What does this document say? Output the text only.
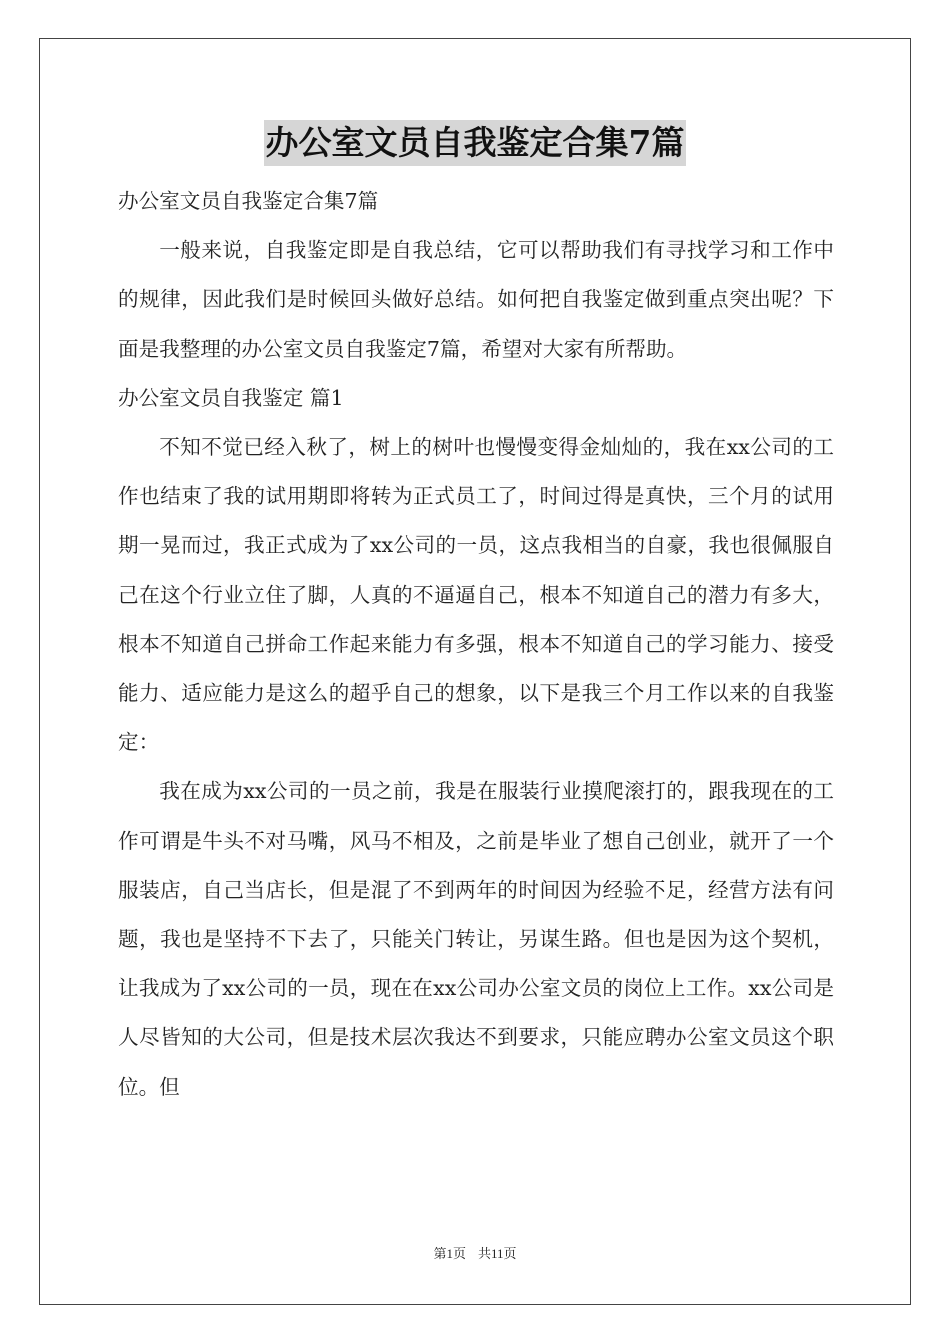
办公室文员自我鉴定合集7篇

办公室文员自我鉴定合集7篇

一般来说，自我鉴定即是自我总结，它可以帮助我们有寻找学习和工作中的规律，因此我们是时候回头做好总结。如何把自我鉴定做到重点突出呢？下面是我整理的办公室文员自我鉴定7篇，希望对大家有所帮助。

办公室文员自我鉴定 篇1

不知不觉已经入秋了，树上的树叶也慢慢变得金灿灿的，我在xx公司的工作也结束了我的试用期即将转为正式员工了，时间过得是真快，三个月的试用期一晃而过，我正式成为了xx公司的一员，这点我相当的自豪，我也很佩服自己在这个行业立住了脚，人真的不逼逼自己，根本不知道自己的潜力有多大，根本不知道自己拼命工作起来能力有多强，根本不知道自己的学习能力、接受能力、适应能力是这么的超乎自己的想象，以下是我三个月工作以来的自我鉴定：

我在成为xx公司的一员之前，我是在服装行业摸爬滚打的，跟我现在的工作可谓是牛头不对马嘴，风马不相及，之前是毕业了想自己创业，就开了一个服装店，自己当店长，但是混了不到两年的时间因为经验不足，经营方法有问题，我也是坚持不下去了，只能关门转让，另谋生路。但也是因为这个契机，让我成为了xx公司的一员，现在在xx公司办公室文员的岗位上工作。xx公司是人尽皆知的大公司，但是技术层次我达不到要求，只能应聘办公室文员这个职位。但

第1页 共11页
